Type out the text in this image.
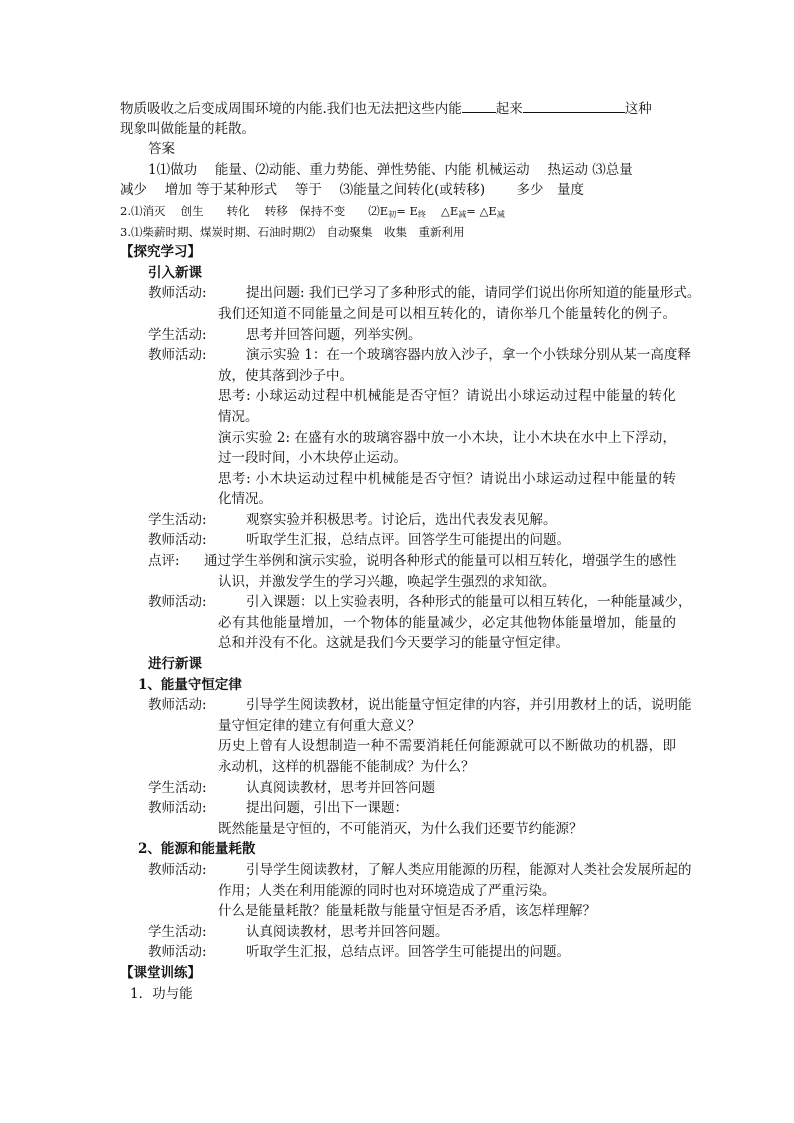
物质吸收之后变成周围环境的内能.我们也无法把这些内能	起来	这种
现象叫做能量的耗散。
答案
1⑴做功　 能量、⑵动能、重力势能、弹性势能、内能 机械运动　 热运动 ⑶总量
减少　 增加 等于某种形式　 等于　 ⑶能量之间转化(或转移)　　 多少　量度
2.⑴消灭　 创生　　转化　 转移　保持不变　　$⑵E_初= E_终$　 $\triangle E_减=$ $\triangle E_减$
3.⑴柴薪时期、煤炭时期、石油时期⑵　自动聚集　收集　重新利用
【探究学习】
引入新课
教师活动:	提出问题: 我们已学习了多种形式的能，请同学们说出你所知道的能量形式。
我们还知道不同能量之间是可以相互转化的，请你举几个能量转化的例子。
学生活动:	思考并回答问题，列举实例。
教师活动:	演示实验 1：在一个玻璃容器内放入沙子，拿一个小铁球分别从某一高度释
放，使其落到沙子中。
思考: 小球运动过程中机械能是否守恒？请说出小球运动过程中能量的转化
情况。
演示实验 2: 在盛有水的玻璃容器中放一小木块，让小木块在水中上下浮动，
过一段时间，小木块停止运动。
思考: 小木块运动过程中机械能是否守恒？请说出小球运动过程中能量的转
化情况。
学生活动:	观察实验并积极思考。讨论后，选出代表发表见解。
教师活动:	听取学生汇报，总结点评。回答学生可能提出的问题。
点评:	通过学生举例和演示实验，说明各种形式的能量可以相互转化，增强学生的感性
认识，并激发学生的学习兴趣，唤起学生强烈的求知欲。
教师活动:	引入课题：以上实验表明，各种形式的能量可以相互转化，一种能量减少，
必有其他能量增加，一个物体的能量减少，必定其他物体能量增加，能量的
总和并没有不化。这就是我们今天要学习的能量守恒定律。
进行新课
1、能量守恒定律
教师活动:	引导学生阅读教材，说出能量守恒定律的内容，并引用教材上的话，说明能
量守恒定律的建立有何重大意义？
历史上曾有人设想制造一种不需要消耗任何能源就可以不断做功的机器，即
永动机，这样的机器能不能制成？为什么？
学生活动:	认真阅读教材，思考并回答问题
教师活动:	提出问题，引出下一课题：
既然能量是守恒的，不可能消灭，为什么我们还要节约能源？
2、能源和能量耗散
教师活动:	引导学生阅读教材，了解人类应用能源的历程，能源对人类社会发展所起的
作用；人类在利用能源的同时也对环境造成了严重污染。
什么是能量耗散？能量耗散与能量守恒是否矛盾，该怎样理解？
学生活动:	认真阅读教材，思考并回答问题。
教师活动:	听取学生汇报，总结点评。回答学生可能提出的问题。
【课堂训练】
1．功与能
